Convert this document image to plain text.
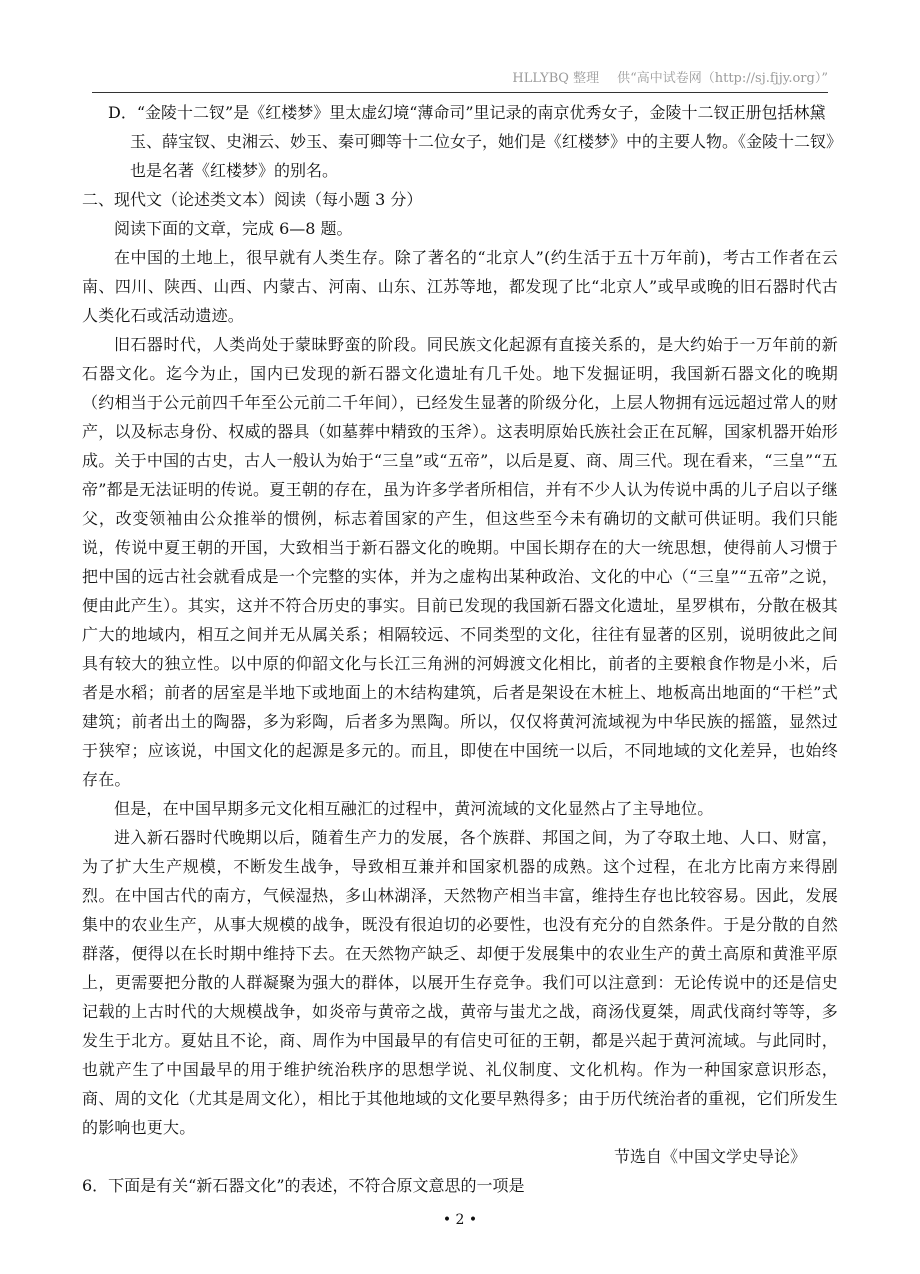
HLLYBQ 整理 供“高中试卷网（http://sj.fjjy.org）”
D．“金陵十二钗”是《红楼梦》里太虚幻境“薄命司”里记录的南京优秀女子，金陵十二钗正册包括林黛玉、薛宝钗、史湘云、妙玉、秦可卿等十二位女子，她们是《红楼梦》中的主要人物。《金陵十二钗》也是名著《红楼梦》的别名。
二、现代文（论述类文本）阅读（每小题 3 分）
阅读下面的文章，完成 6—8 题。
在中国的土地上，很早就有人类生存。除了著名的“北京人”(约生活于五十万年前)，考古工作者在云南、四川、陕西、山西、内蒙古、河南、山东、江苏等地，都发现了比“北京人”或早或晚的旧石器时代古人类化石或活动遗迹。
旧石器时代，人类尚处于蒙昧野蛮的阶段。同民族文化起源有直接关系的，是大约始于一万年前的新石器文化。迄今为止，国内已发现的新石器文化遗址有几千处。地下发掘证明，我国新石器文化的晚期（约相当于公元前四千年至公元前二千年间），已经发生显著的阶级分化，上层人物拥有远远超过常人的财产，以及标志身份、权威的器具（如墓葬中精致的玉斧）。这表明原始氏族社会正在瓦解，国家机器开始形成。关于中国的古史，古人一般认为始于“三皇”或“五帝”，以后是夏、商、周三代。现在看来，“三皇”“五帝”都是无法证明的传说。夏王朝的存在，虽为许多学者所相信，并有不少人认为传说中禹的儿子启以子继父，改变领袖由公众推举的惯例，标志着国家的产生，但这些至今未有确切的文献可供证明。我们只能说，传说中夏王朝的开国，大致相当于新石器文化的晚期。中国长期存在的大一统思想，使得前人习惯于把中国的远古社会就看成是一个完整的实体，并为之虚构出某种政治、文化的中心（“三皇”“五帝”之说，便由此产生）。其实，这并不符合历史的事实。目前已发现的我国新石器文化遗址，星罗棋布，分散在极其广大的地域内，相互之间并无从属关系；相隔较远、不同类型的文化，往往有显著的区别，说明彼此之间具有较大的独立性。以中原的仰韶文化与长江三角洲的河姆渡文化相比，前者的主要粮食作物是小米，后者是水稻；前者的居室是半地下或地面上的木结构建筑，后者是架设在木桩上、地板高出地面的“干栏”式建筑；前者出土的陶器，多为彩陶，后者多为黑陶。所以，仅仅将黄河流域视为中华民族的摇篮，显然过于狭窄；应该说，中国文化的起源是多元的。而且，即使在中国统一以后，不同地域的文化差异，也始终存在。
但是，在中国早期多元文化相互融汇的过程中，黄河流域的文化显然占了主导地位。
进入新石器时代晚期以后，随着生产力的发展，各个族群、邦国之间，为了夺取土地、人口、财富，为了扩大生产规模，不断发生战争，导致相互兼并和国家机器的成熟。这个过程，在北方比南方来得剧烈。在中国古代的南方，气候湿热，多山林湖泽，天然物产相当丰富，维持生存也比较容易。因此，发展集中的农业生产，从事大规模的战争，既没有很迫切的必要性，也没有充分的自然条件。于是分散的自然群落，便得以在长时期中维持下去。在天然物产缺乏、却便于发展集中的农业生产的黄土高原和黄淮平原上，更需要把分散的人群凝聚为强大的群体，以展开生存竞争。我们可以注意到：无论传说中的还是信史记载的上古时代的大规模战争，如炎帝与黄帝之战，黄帝与蚩尤之战，商汤伐夏桀，周武伐商纣等等，多发生于北方。夏姑且不论，商、周作为中国最早的有信史可征的王朝，都是兴起于黄河流域。与此同时，也就产生了中国最早的用于维护统治秩序的思想学说、礼仪制度、文化机构。作为一种国家意识形态，商、周的文化（尤其是周文化），相比于其他地域的文化要早熟得多；由于历代统治者的重视，它们所发生的影响也更大。
节选自《中国文学史导论》
6．下面是有关“新石器文化”的表述，不符合原文意思的一项是
• 2 •
